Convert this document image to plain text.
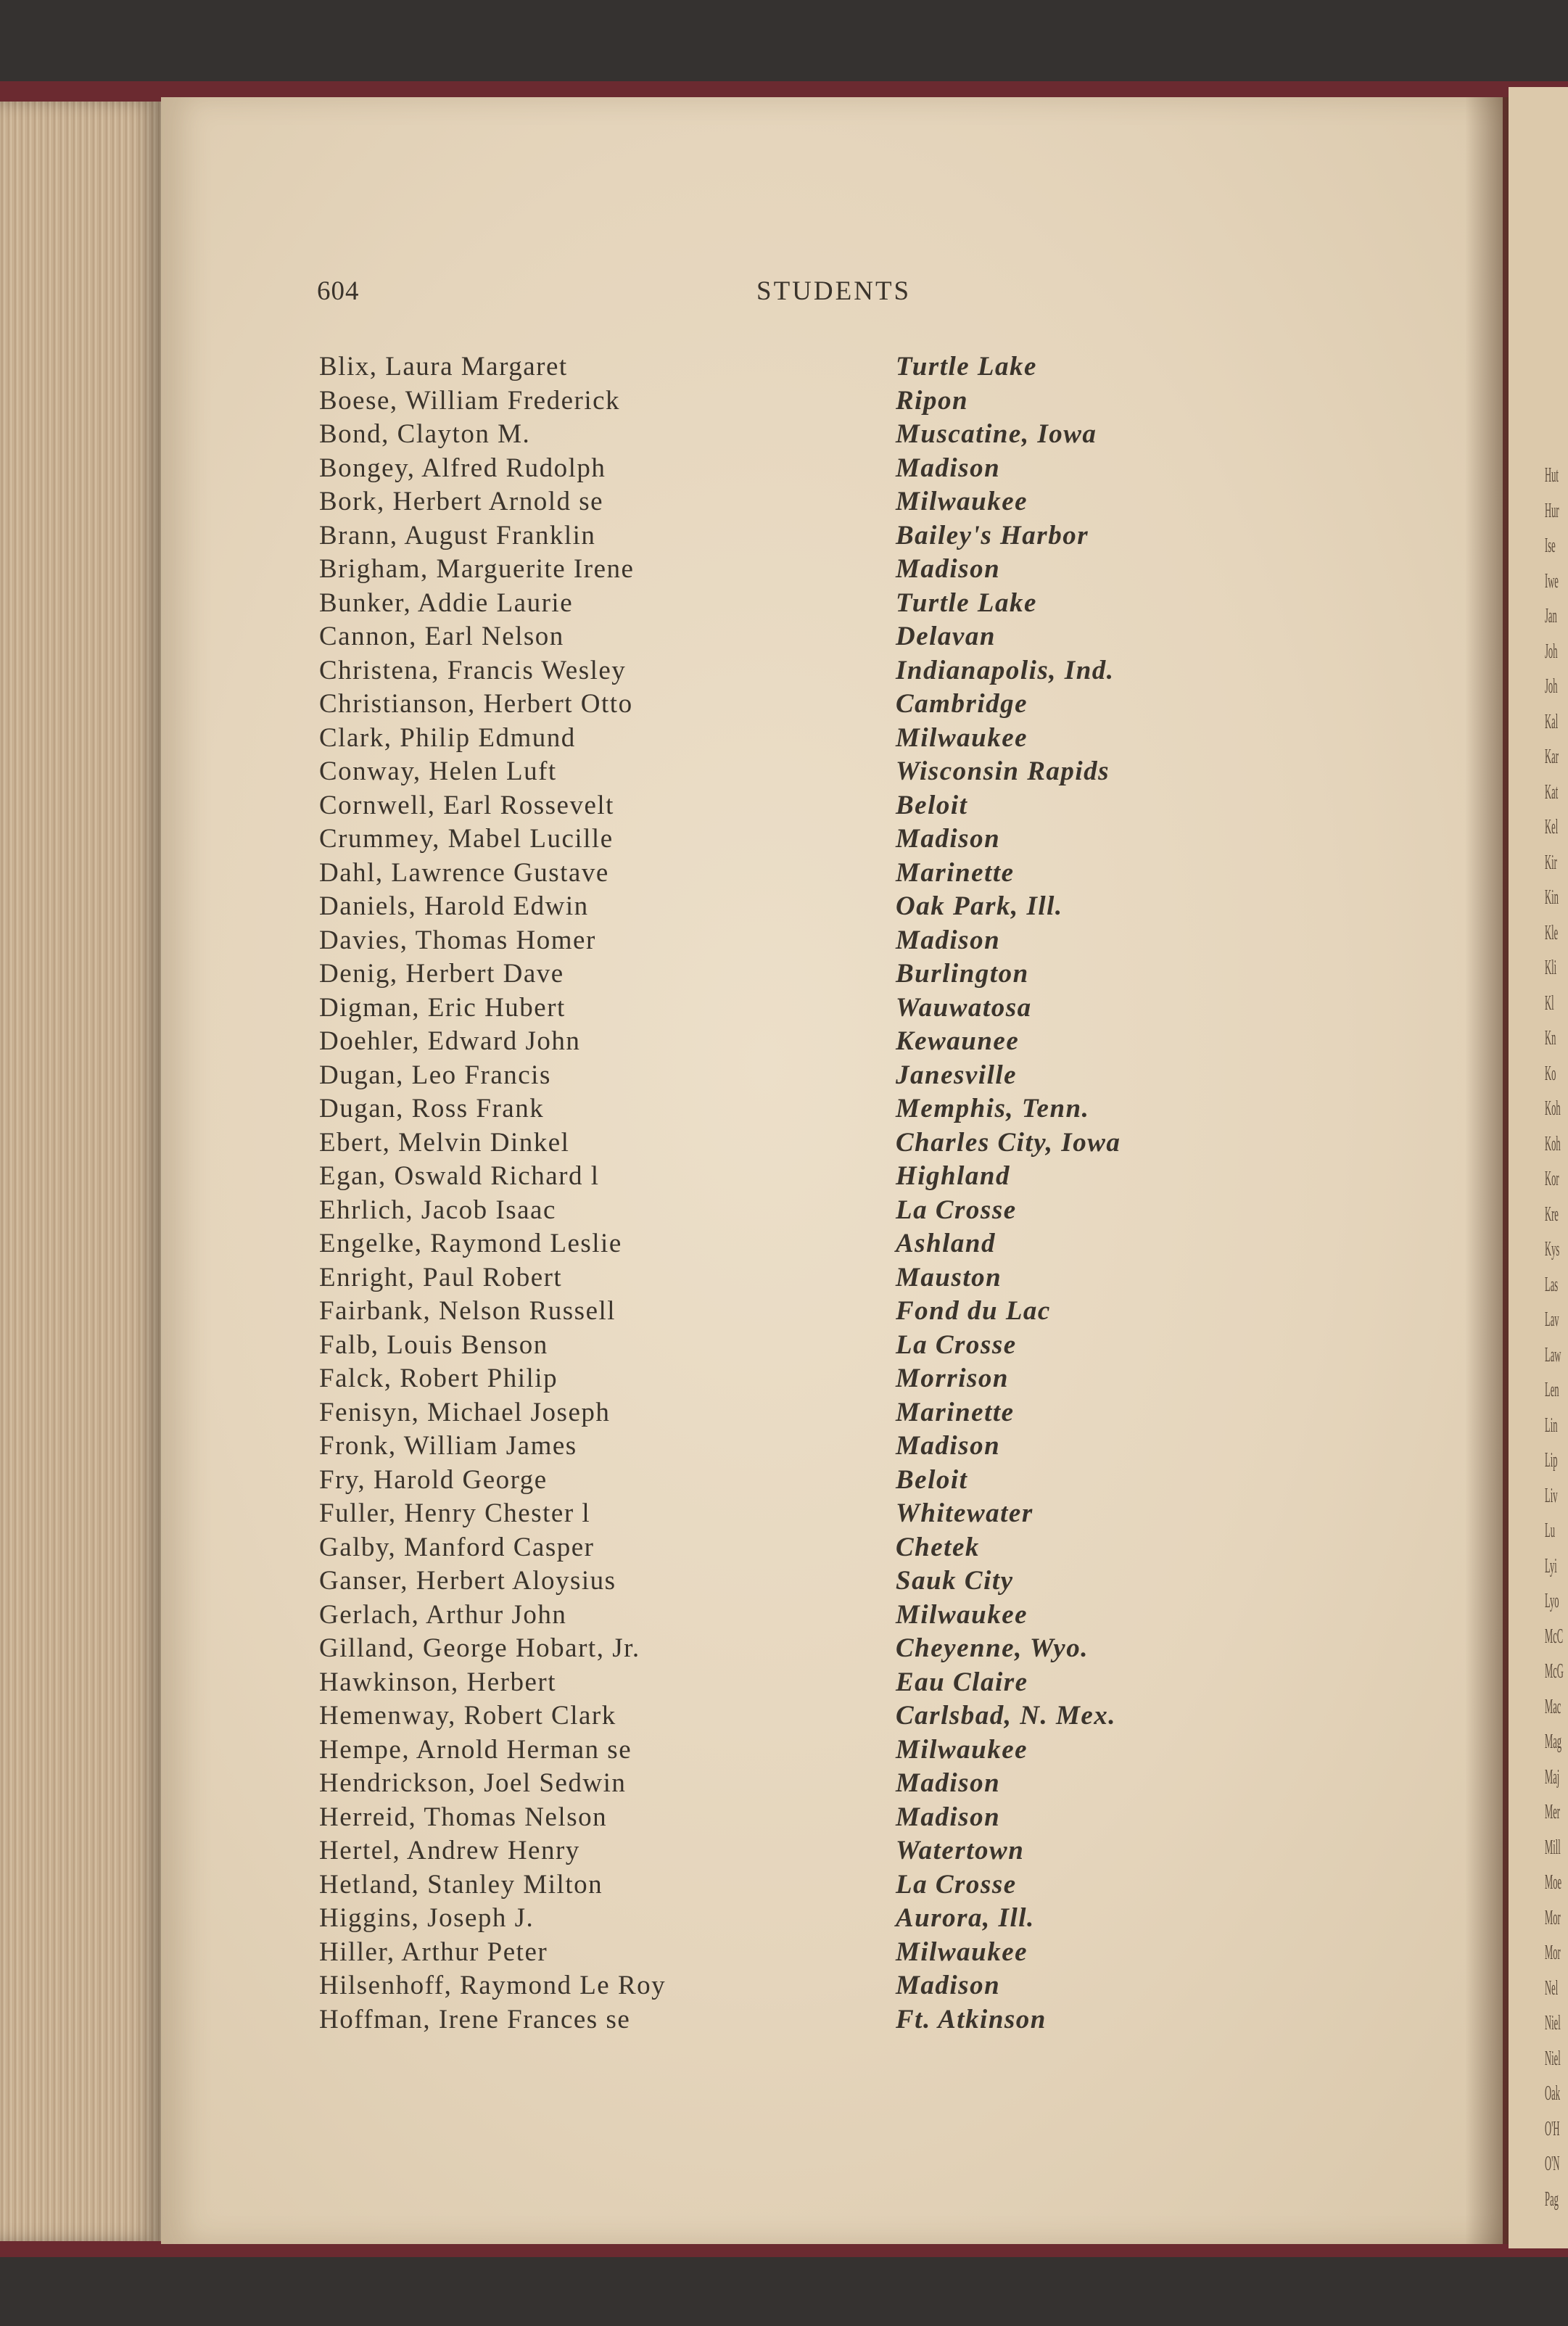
Hut
Hur
Ise
Iwe
Jan
Joh
Joh
Kal
Kar
Kat
Kel
Kir
Kin
Kle
Kli
Kl
Kn
Ko
Koh
Koh
Kor
Kre
Kys
Las
Lav
Law
Len
Lin
Lip
Liv
Lu
Lyi
Lyo
McC
McG
Mac
Mag
Maj
Mer
Mill
Moe
Mor
Mor
Nel
Niel
Niel
Oak
O'H
O'N
Pag
604	STUDENTS
Blix, Laura Margaret	Turtle Lake
Boese, William Frederick	Ripon
Bond, Clayton M.	Muscatine, Iowa
Bongey, Alfred Rudolph	Madison
Bork, Herbert Arnold se	Milwaukee
Brann, August Franklin	Bailey's Harbor
Brigham, Marguerite Irene	Madison
Bunker, Addie Laurie	Turtle Lake
Cannon, Earl Nelson	Delavan
Christena, Francis Wesley	Indianapolis, Ind.
Christianson, Herbert Otto	Cambridge
Clark, Philip Edmund	Milwaukee
Conway, Helen Luft	Wisconsin Rapids
Cornwell, Earl Rossevelt	Beloit
Crummey, Mabel Lucille	Madison
Dahl, Lawrence Gustave	Marinette
Daniels, Harold Edwin	Oak Park, Ill.
Davies, Thomas Homer	Madison
Denig, Herbert Dave	Burlington
Digman, Eric Hubert	Wauwatosa
Doehler, Edward John	Kewaunee
Dugan, Leo Francis	Janesville
Dugan, Ross Frank	Memphis, Tenn.
Ebert, Melvin Dinkel	Charles City, Iowa
Egan, Oswald Richard l	Highland
Ehrlich, Jacob Isaac	La Crosse
Engelke, Raymond Leslie	Ashland
Enright, Paul Robert	Mauston
Fairbank, Nelson Russell	Fond du Lac
Falb, Louis Benson	La Crosse
Falck, Robert Philip	Morrison
Fenisyn, Michael Joseph	Marinette
Fronk, William James	Madison
Fry, Harold George	Beloit
Fuller, Henry Chester l	Whitewater
Galby, Manford Casper	Chetek
Ganser, Herbert Aloysius	Sauk City
Gerlach, Arthur John	Milwaukee
Gilland, George Hobart, Jr.	Cheyenne, Wyo.
Hawkinson, Herbert	Eau Claire
Hemenway, Robert Clark	Carlsbad, N. Mex.
Hempe, Arnold Herman se	Milwaukee
Hendrickson, Joel Sedwin	Madison
Herreid, Thomas Nelson	Madison
Hertel, Andrew Henry	Watertown
Hetland, Stanley Milton	La Crosse
Higgins, Joseph J.	Aurora, Ill.
Hiller, Arthur Peter	Milwaukee
Hilsenhoff, Raymond Le Roy	Madison
Hoffman, Irene Frances se	Ft. Atkinson
